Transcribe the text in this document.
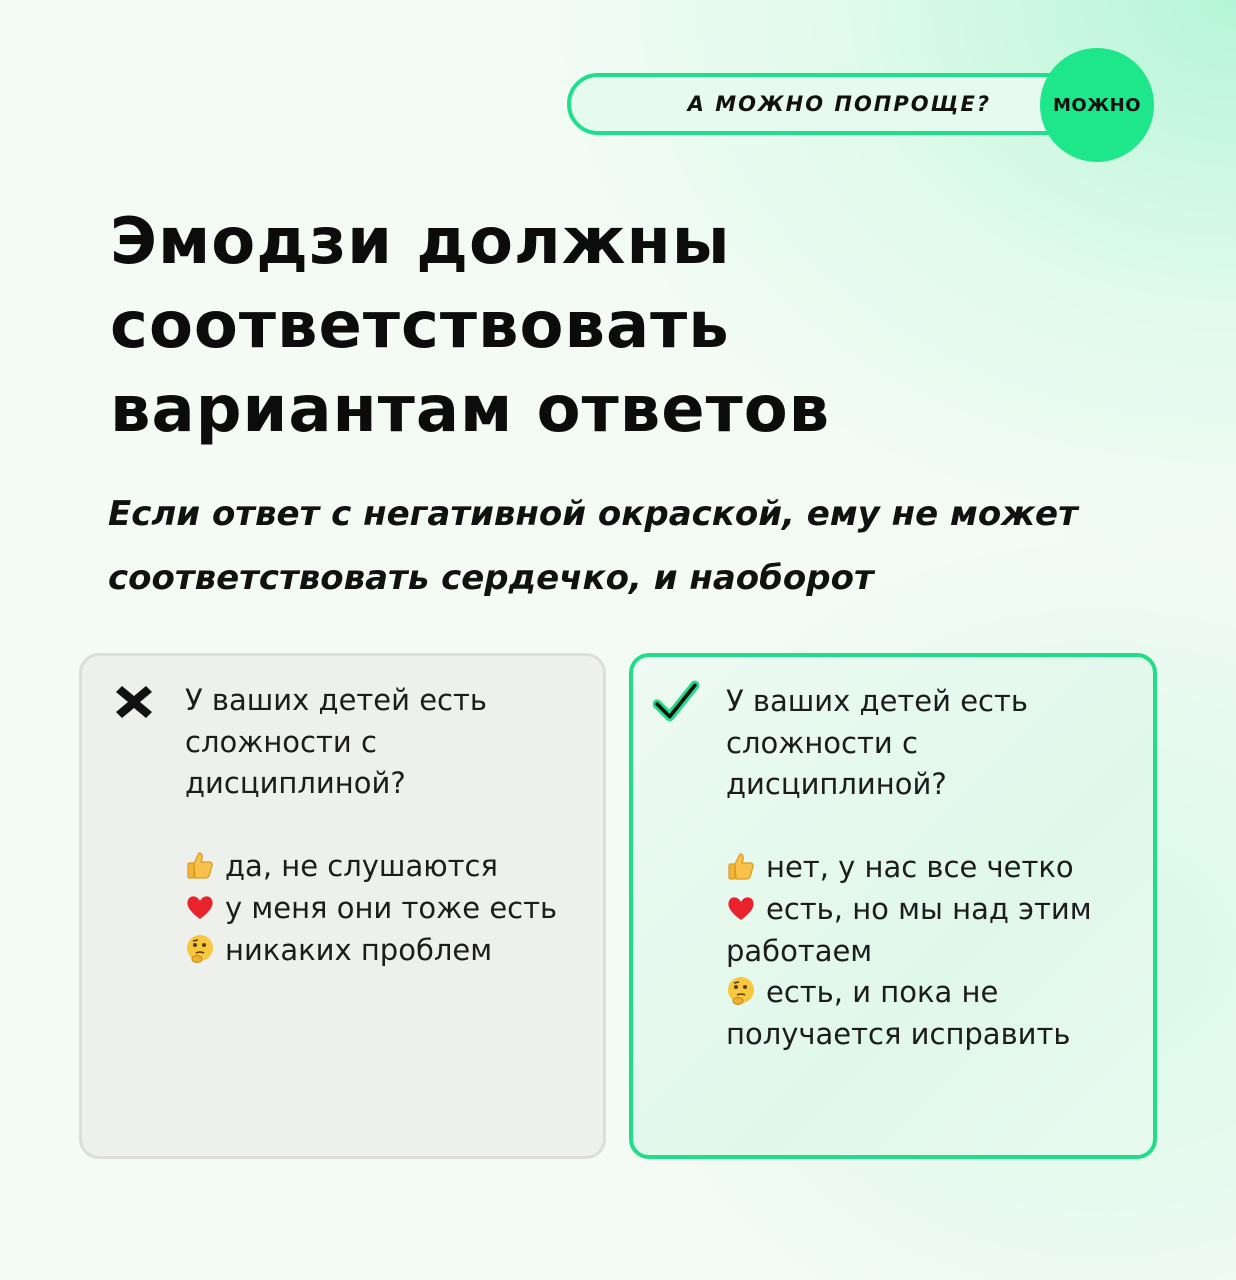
А МОЖНО ПОПРОЩЕ?	МОЖНО
Эмодзи должны
соответствовать
вариантам ответов

Если ответ с негативной окраской, ему не может соответствовать сердечко, и наоборот

У ваших детей есть сложности с дисциплиной?
да, не слушаются
у меня они тоже есть
никаких проблем
У ваших детей есть сложности с дисциплиной?
нет, у нас все четко
есть, но мы над этим работаем
есть, и пока не получается исправить
